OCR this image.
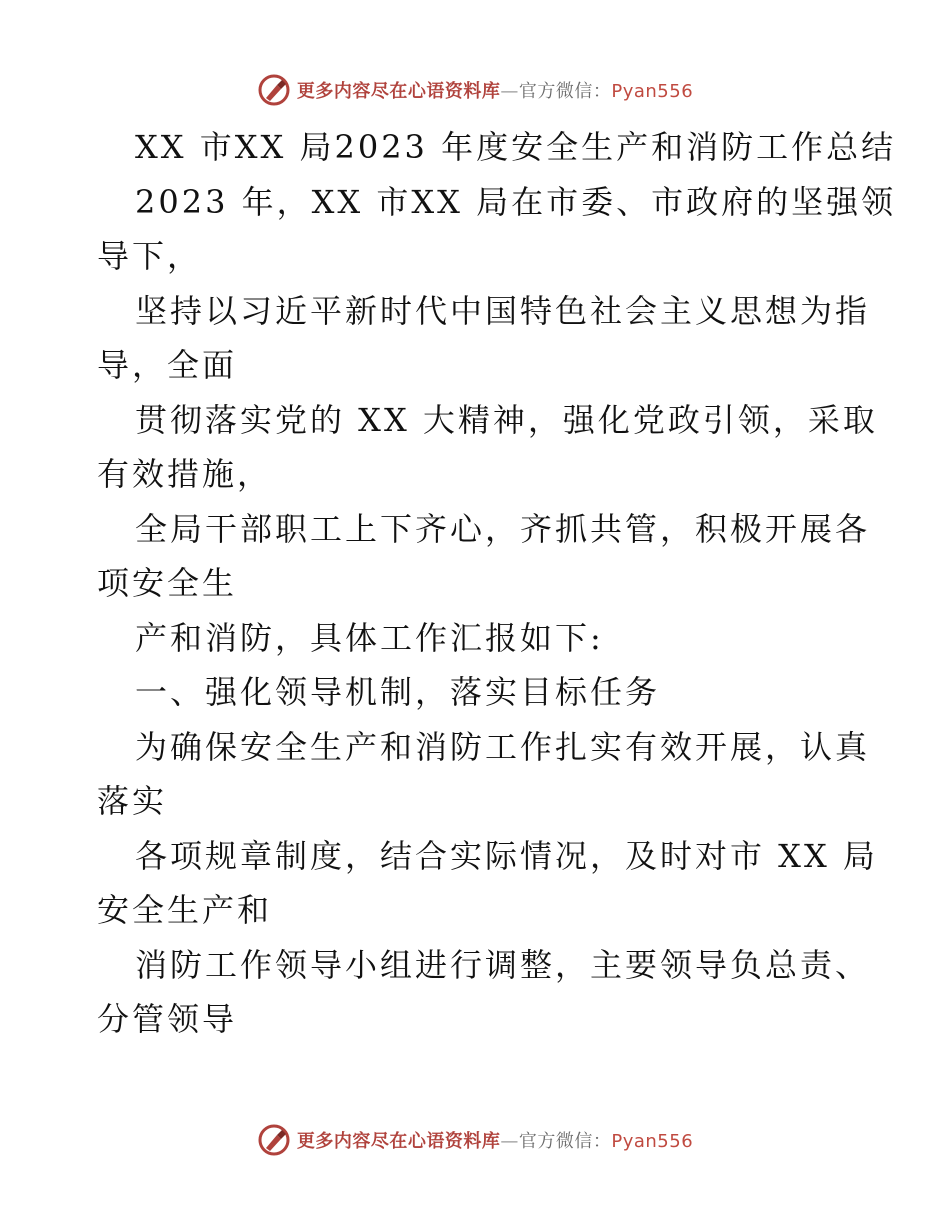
更多内容尽在心语资料库—官方微信：Pyan556
XX 市XX 局2023 年度安全生产和消防工作总结
2023 年，XX 市XX 局在市委、市政府的坚强领
导下，
坚持以习近平新时代中国特色社会主义思想为指
导，全面
贯彻落实党的 XX 大精神，强化党政引领，采取
有效措施，
全局干部职工上下齐心，齐抓共管，积极开展各
项安全生
产和消防，具体工作汇报如下:
一、强化领导机制，落实目标任务
为确保安全生产和消防工作扎实有效开展，认真
落实
各项规章制度，结合实际情况，及时对市 XX 局
安全生产和
消防工作领导小组进行调整，主要领导负总责、
分管领导
更多内容尽在心语资料库—官方微信：Pyan556
